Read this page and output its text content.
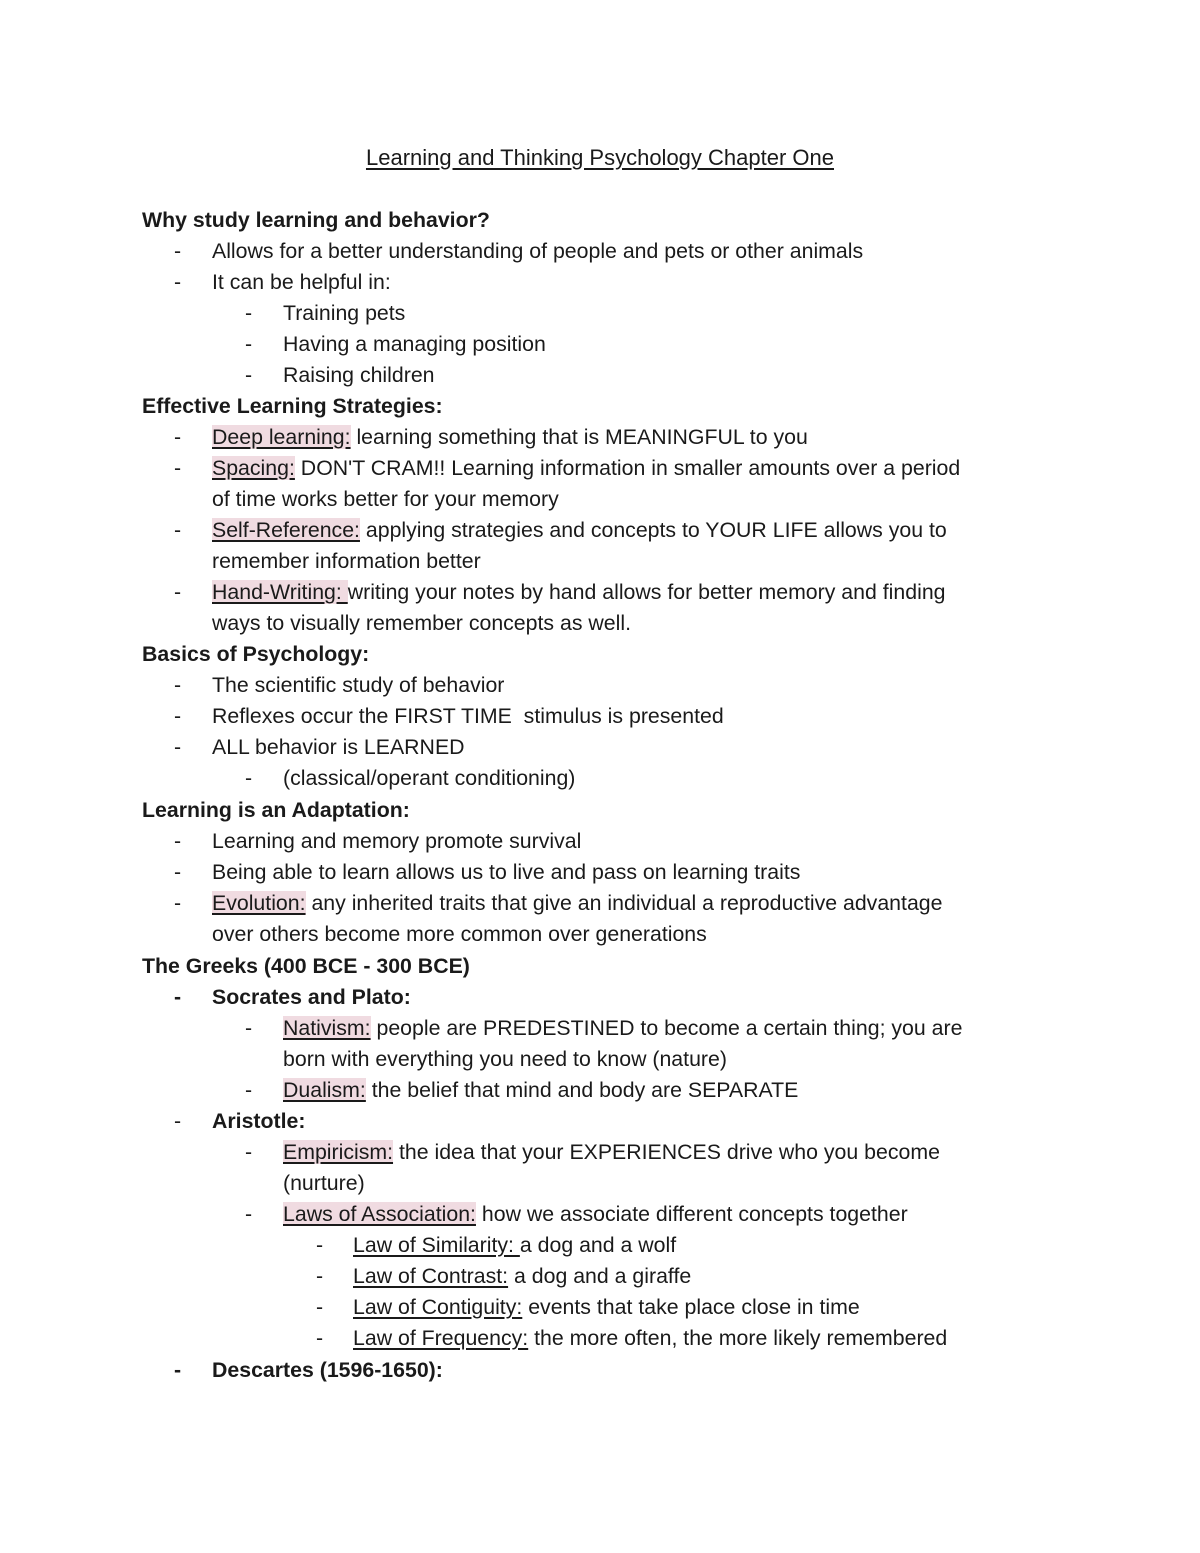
Learning and Thinking Psychology Chapter One
Why study learning and behavior?
- Allows for a better understanding of people and pets or other animals
- It can be helpful in:
- Training pets
- Having a managing position
- Raising children
Effective Learning Strategies:
- Deep learning: learning something that is MEANINGFUL to you
- Spacing: DON'T CRAM!! Learning information in smaller amounts over a period
of time works better for your memory
- Self-Reference: applying strategies and concepts to YOUR LIFE allows you to
remember information better
- Hand-Writing: writing your notes by hand allows for better memory and finding
ways to visually remember concepts as well.
Basics of Psychology:
- The scientific study of behavior
- Reflexes occur the FIRST TIME  stimulus is presented
- ALL behavior is LEARNED
- (classical/operant conditioning)
Learning is an Adaptation:
- Learning and memory promote survival
- Being able to learn allows us to live and pass on learning traits
- Evolution: any inherited traits that give an individual a reproductive advantage
over others become more common over generations
The Greeks (400 BCE - 300 BCE)
- Socrates and Plato:
- Nativism: people are PREDESTINED to become a certain thing; you are
born with everything you need to know (nature)
- Dualism: the belief that mind and body are SEPARATE
- Aristotle:
- Empiricism: the idea that your EXPERIENCES drive who you become
(nurture)
- Laws of Association: how we associate different concepts together
- Law of Similarity: a dog and a wolf
- Law of Contrast: a dog and a giraffe
- Law of Contiguity: events that take place close in time
- Law of Frequency: the more often, the more likely remembered
- Descartes (1596-1650):
